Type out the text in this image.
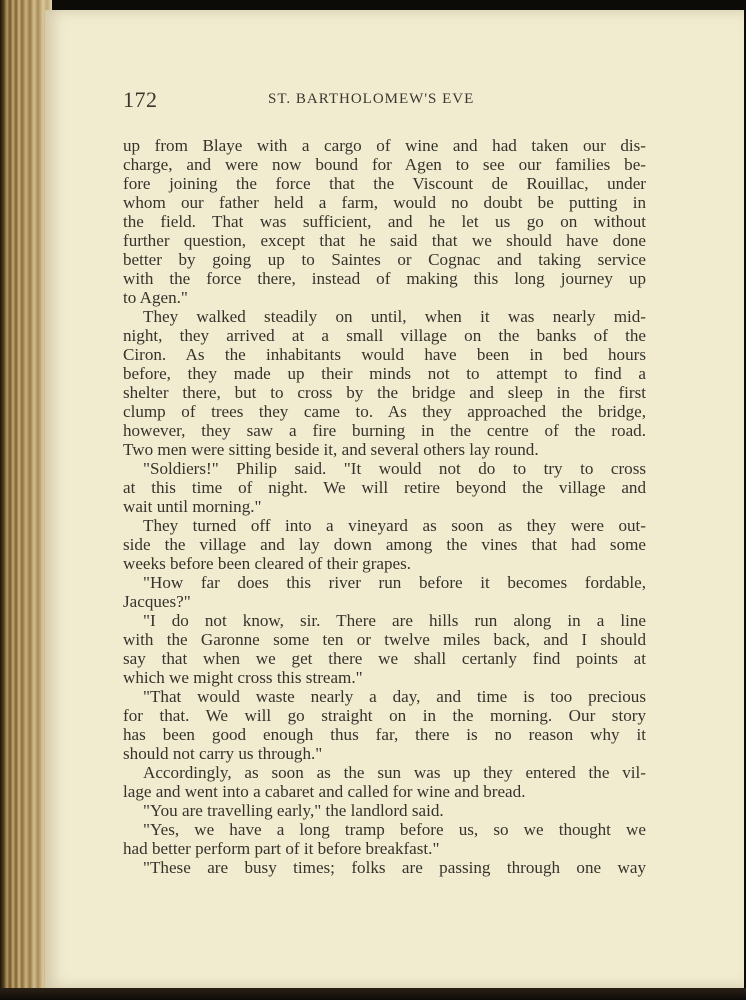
172	ST. BARTHOLOMEW'S EVE

up from Blaye with a cargo of wine and had taken our dis-

charge, and were now bound for Agen to see our families be-

fore joining the force that the Viscount de Rouillac, under

whom our father held a farm, would no doubt be putting in

the field. That was sufficient, and he let us go on without

further question, except that he said that we should have done

better by going up to Saintes or Cognac and taking service

with the force there, instead of making this long journey up

to Agen."

They walked steadily on until, when it was nearly mid-

night, they arrived at a small village on the banks of the

Ciron. As the inhabitants would have been in bed hours

before, they made up their minds not to attempt to find a

shelter there, but to cross by the bridge and sleep in the first

clump of trees they came to. As they approached the bridge,

however, they saw a fire burning in the centre of the road.

Two men were sitting beside it, and several others lay round.

"Soldiers!" Philip said. "It would not do to try to cross

at this time of night. We will retire beyond the village and

wait until morning."

They turned off into a vineyard as soon as they were out-

side the village and lay down among the vines that had some

weeks before been cleared of their grapes.

"How far does this river run before it becomes fordable,

Jacques?"

"I do not know, sir. There are hills run along in a line

with the Garonne some ten or twelve miles back, and I should

say that when we get there we shall certanly find points at

which we might cross this stream."

"That would waste nearly a day, and time is too precious

for that. We will go straight on in the morning. Our story

has been good enough thus far, there is no reason why it

should not carry us through."

Accordingly, as soon as the sun was up they entered the vil-

lage and went into a cabaret and called for wine and bread.

"You are travelling early," the landlord said.

"Yes, we have a long tramp before us, so we thought we

had better perform part of it before breakfast."

"These are busy times; folks are passing through one way
